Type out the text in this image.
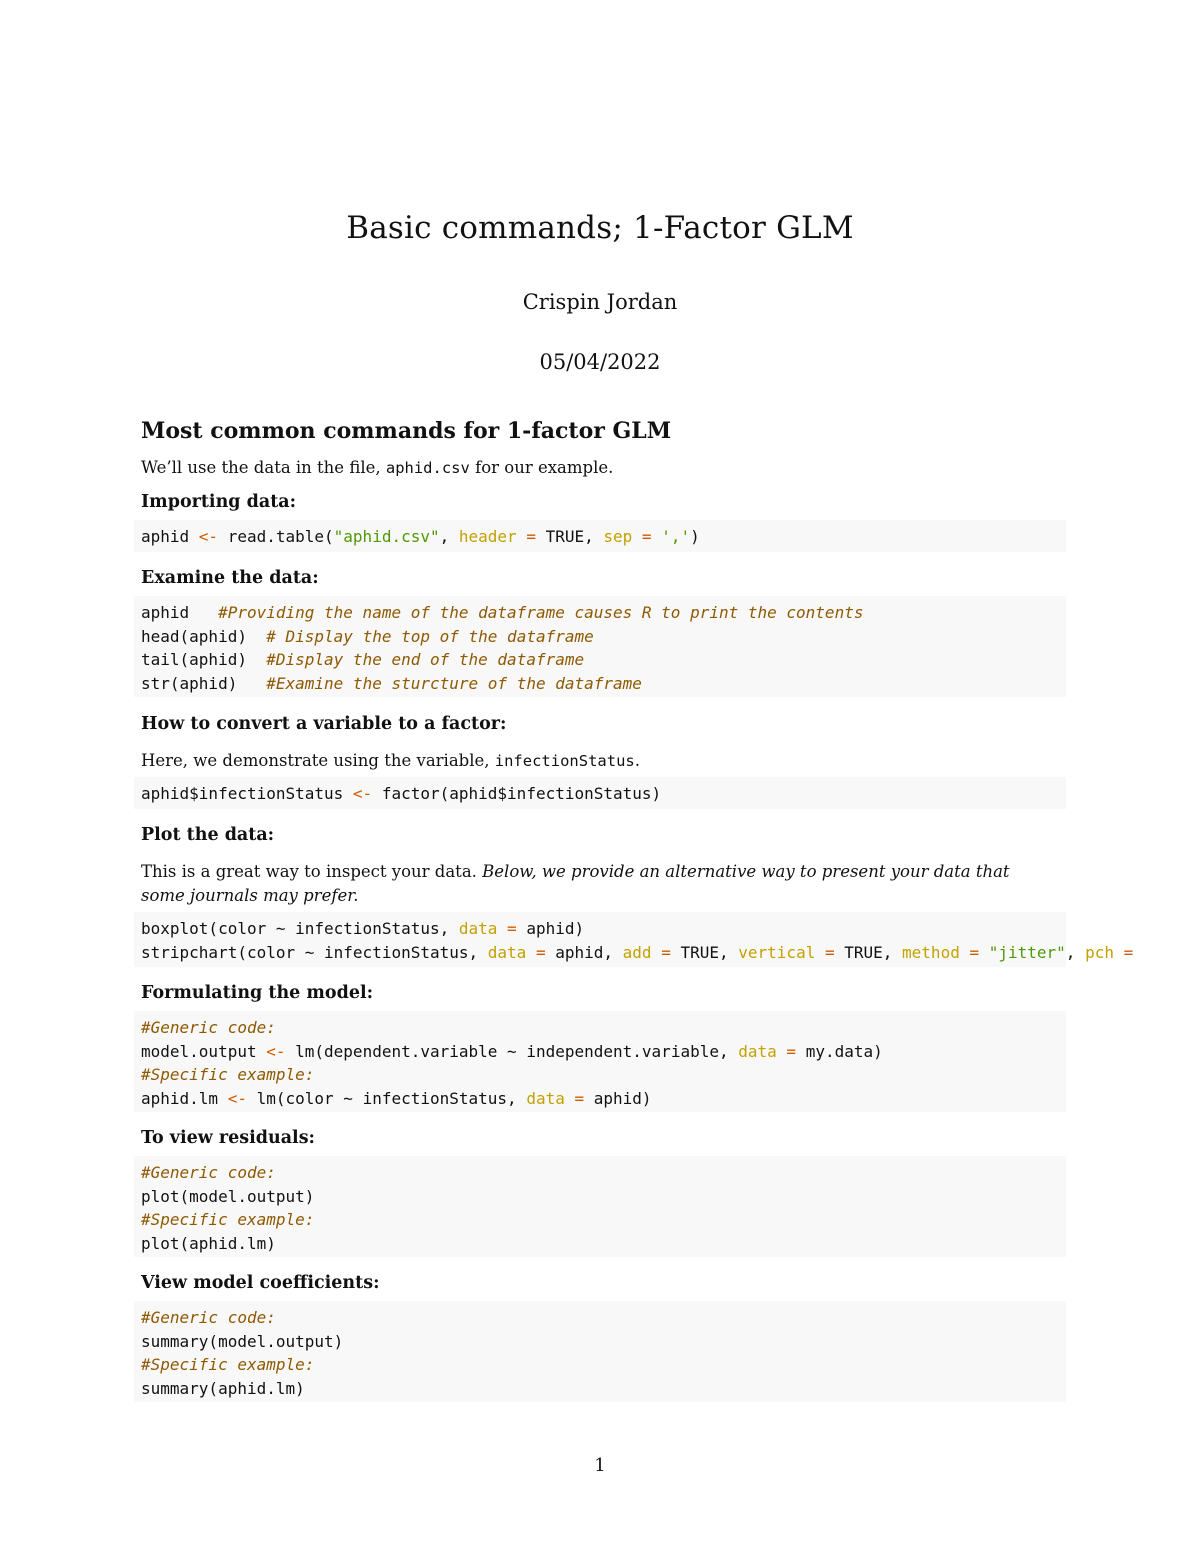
Basic commands; 1-Factor GLM
Crispin Jordan
05/04/2022
Most common commands for 1-factor GLM

We’ll use the data in the file, aphid.csv for our example.

Importing data:
aphid <- read.table("aphid.csv", header = TRUE, sep = ',')
Examine the data:
aphid   #Providing the name of the dataframe causes R to print the contents
head(aphid)  # Display the top of the dataframe
tail(aphid)  #Display the end of the dataframe
str(aphid)   #Examine the sturcture of the dataframe
How to convert a variable to a factor:

Here, we demonstrate using the variable, infectionStatus.

aphid$infectionStatus <- factor(aphid$infectionStatus)
Plot the data:

This is a great way to inspect your data. Below, we provide an alternative way to present your data that
some journals may prefer.

boxplot(color ~ infectionStatus, data = aphid)
stripchart(color ~ infectionStatus, data = aphid, add = TRUE, vertical = TRUE, method = "jitter", pch =
Formulating the model:
#Generic code:
model.output <- lm(dependent.variable ~ independent.variable, data = my.data)
#Specific example:
aphid.lm <- lm(color ~ infectionStatus, data = aphid)
To view residuals:
#Generic code:
plot(model.output)
#Specific example:
plot(aphid.lm)
View model coefficients:
#Generic code:
summary(model.output)
#Specific example:
summary(aphid.lm)
1
